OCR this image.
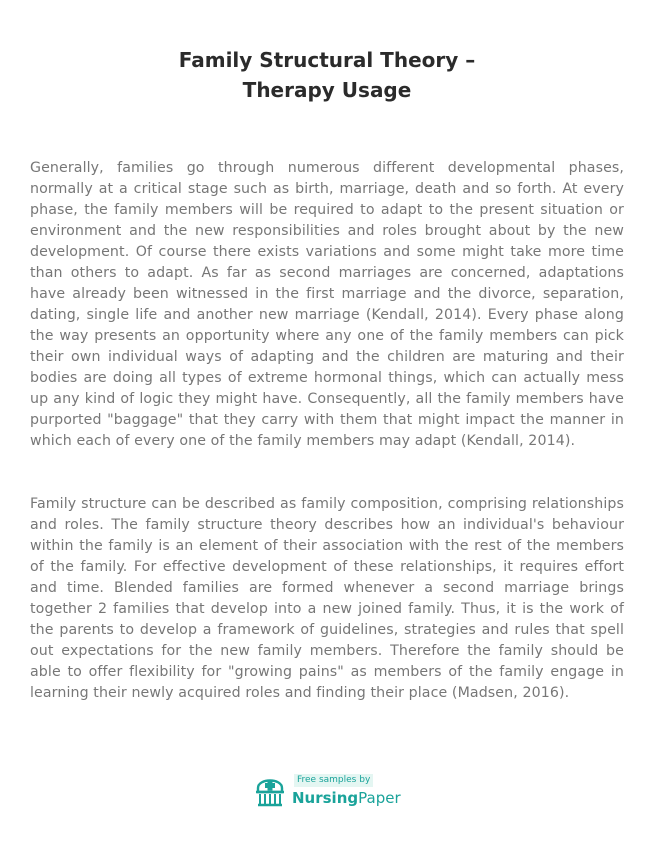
Family Structural Theory –
Therapy Usage

Generally, families go through numerous different developmental phases, normally at a critical stage such as birth, marriage, death and so forth. At every phase, the family members will be required to adapt to the present situation or environment and the new responsibilities and roles brought about by the new development. Of course there exists variations and some might take more time than others to adapt. As far as second marriages are concerned, adaptations have already been witnessed in the first marriage and the divorce, separation, dating, single life and another new marriage (Kendall, 2014). Every phase along the way presents an opportunity where any one of the family members can pick their own individual ways of adapting and the children are maturing and their bodies are doing all types of extreme hormonal things, which can actually mess up any kind of logic they might have. Consequently, all the family members have purported "baggage" that they carry with them that might impact the manner in which each of every one of the family members may adapt (Kendall, 2014).

Family structure can be described as family composition, comprising relationships and roles. The family structure theory describes how an individual's behaviour within the family is an element of their association with the rest of the members of the family. For effective development of these relationships, it requires effort and time. Blended families are formed whenever a second marriage brings together 2 families that develop into a new joined family. Thus, it is the work of the parents to develop a framework of guidelines, strategies and rules that spell out expectations for the new family members. Therefore the family should be able to offer flexibility for "growing pains" as members of the family engage in learning their newly acquired roles and finding their place (Madsen, 2016).

Free samples by
NursingPaper
